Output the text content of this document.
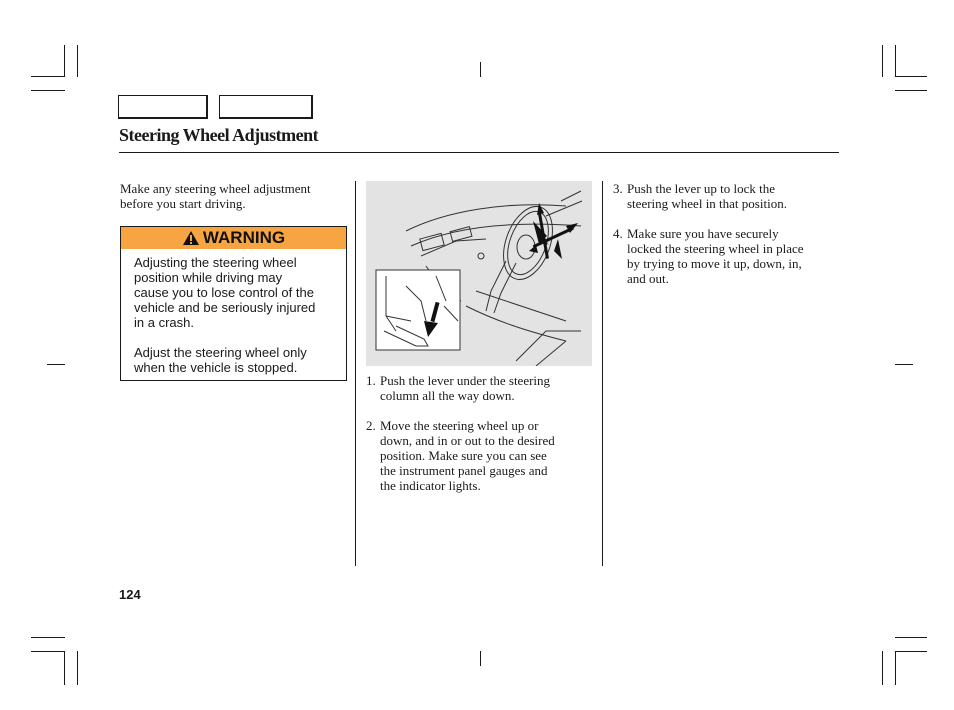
Steering Wheel Adjustment
Make any steering wheel adjustment
before you start driving.
WARNING

Adjusting the steering wheel
position while driving may
cause you to lose control of the
vehicle and be seriously injured
in a crash.

Adjust the steering wheel only
when the vehicle is stopped.

1. Push the lever under the steering
column all the way down.
2. Move the steering wheel up or
down, and in or out to the desired
position. Make sure you can see
the instrument panel gauges and
the indicator lights.
3. Push the lever up to lock the
steering wheel in that position.
4. Make sure you have securely
locked the steering wheel in place
by trying to move it up, down, in,
and out.
124
